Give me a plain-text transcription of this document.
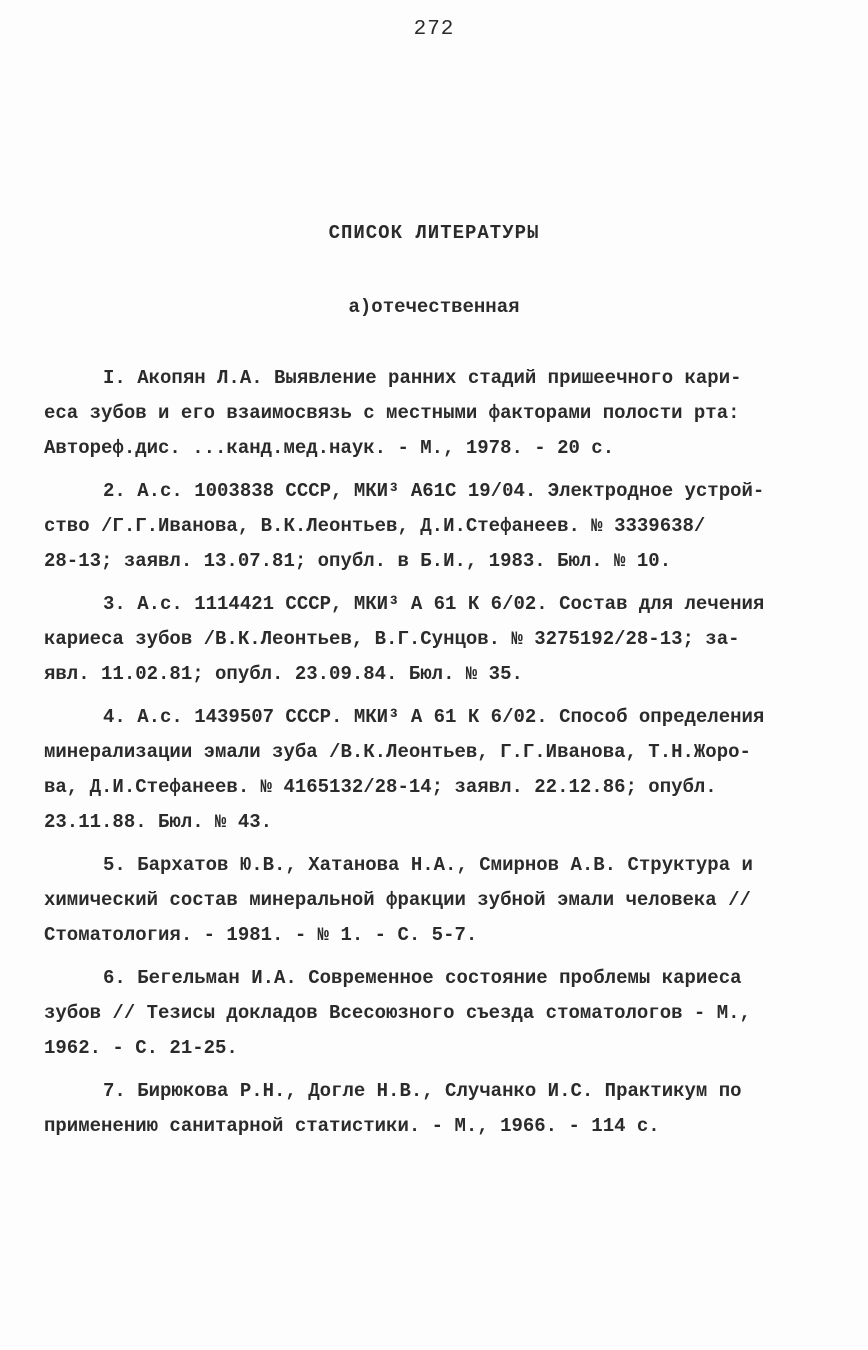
272
СПИСОК ЛИТЕРАТУРЫ
а)отечественная
I. Акопян Л.А. Выявление ранних стадий пришеечного кари-
еса зубов и его взаимосвязь с местными факторами полости рта:
Автореф.дис. ...канд.мед.наук. - М., 1978. - 20 с.
2. А.с. 1003838 СССР, МКИ³ А61С 19/04. Электродное устрой-
ство /Г.Г.Иванова, В.К.Леонтьев, Д.И.Стефанеев. № 3339638/
28-13; заявл. 13.07.81; опубл. в Б.И., 1983. Бюл. № 10.
3. А.с. 1114421 СССР, МКИ³ А 61 К 6/02. Состав для лечения
кариеса зубов /В.К.Леонтьев, В.Г.Сунцов. № 3275192/28-13; за-
явл. 11.02.81; опубл. 23.09.84. Бюл. № 35.
4. А.с. 1439507 СССР. МКИ³ А 61 К 6/02. Способ определения
минерализации эмали зуба /В.К.Леонтьев, Г.Г.Иванова, Т.Н.Жоро-
ва, Д.И.Стефанеев. № 4165132/28-14; заявл. 22.12.86; опубл.
23.11.88. Бюл. № 43.
5. Бархатов Ю.В., Хатанова Н.А., Смирнов А.В. Структура и
химический состав минеральной фракции зубной эмали человека //
Стоматология. - 1981. - № 1. - С. 5-7.
6. Бегельман И.А. Современное состояние проблемы кариеса
зубов // Тезисы докладов Всесоюзного съезда стоматологов - М.,
1962. - С. 21-25.
7. Бирюкова Р.Н., Догле Н.В., Случанко И.С. Практикум по
применению санитарной статистики. - М., 1966. - 114 с.
